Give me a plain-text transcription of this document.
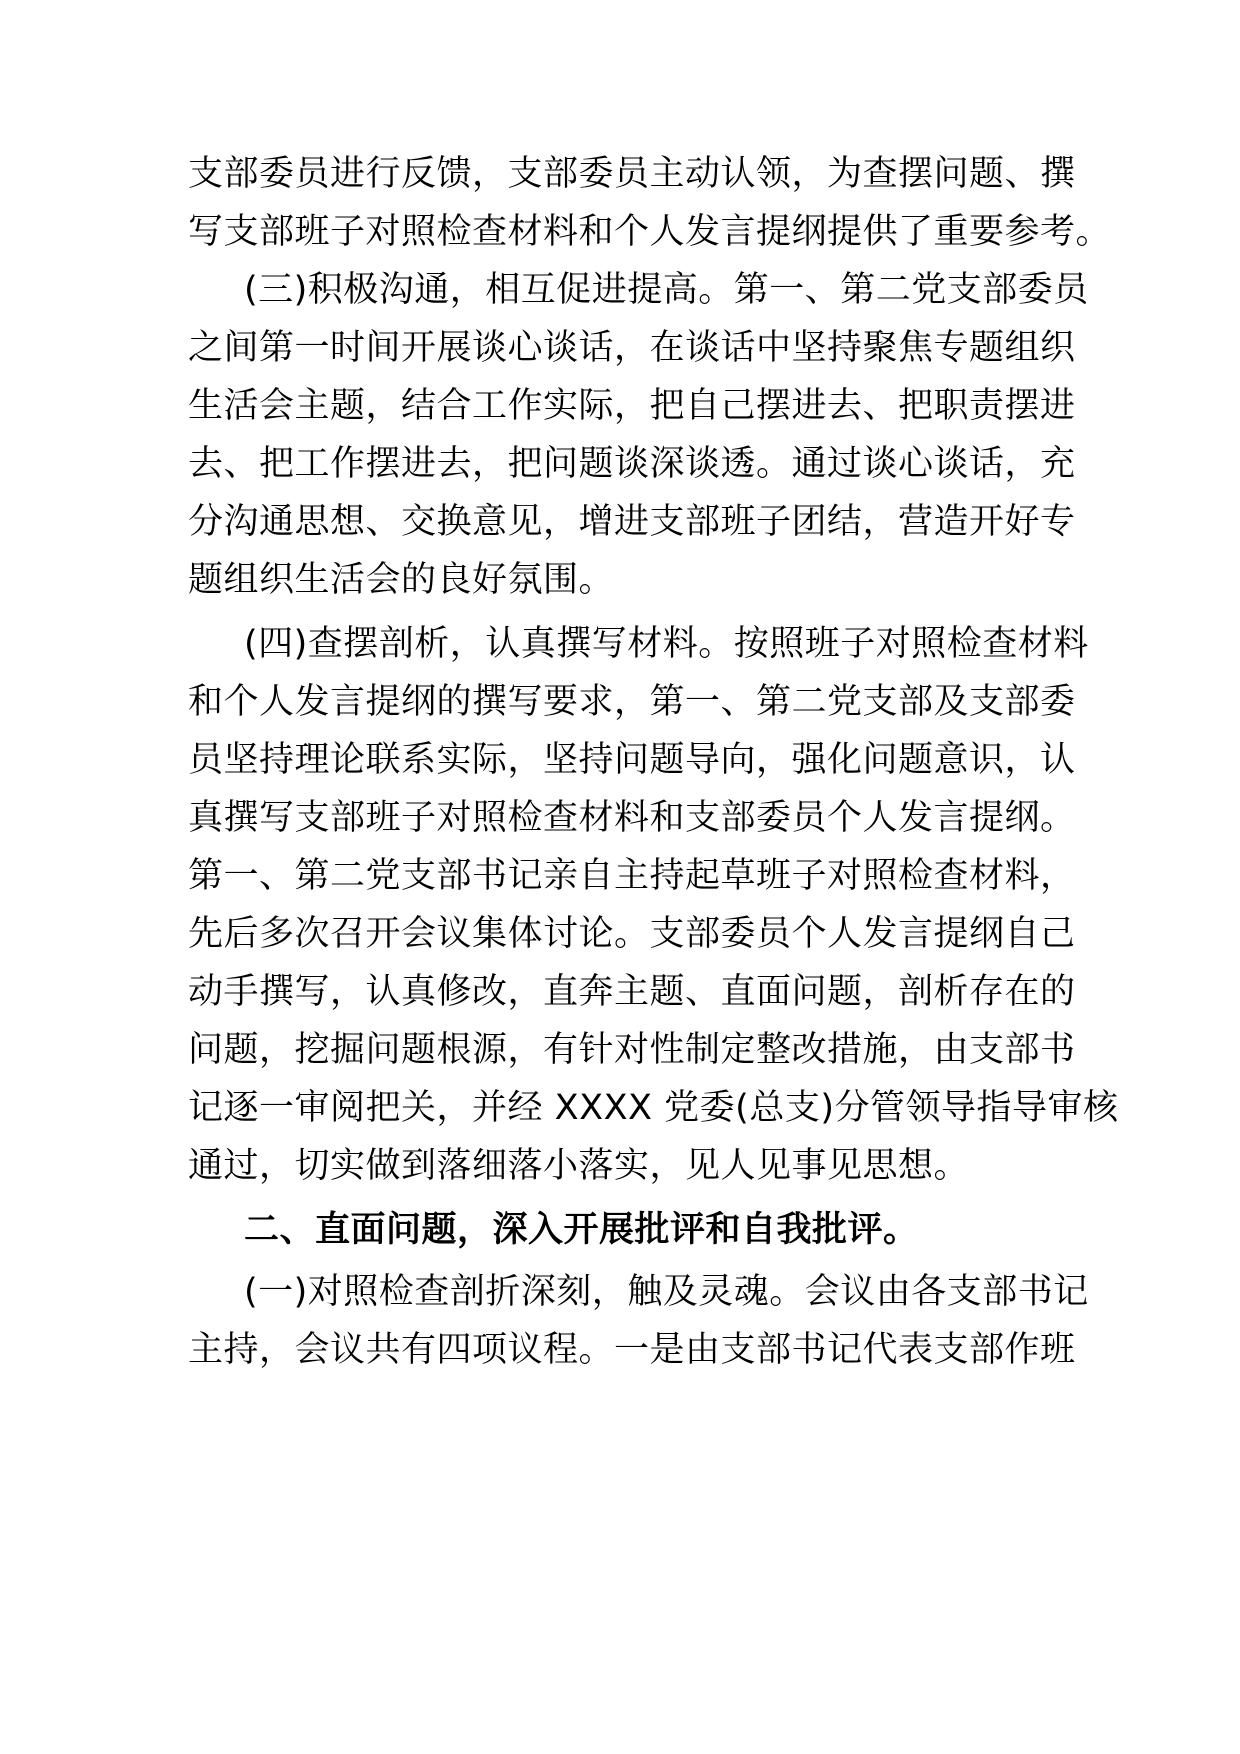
支部委员进行反馈，支部委员主动认领，为查摆问题、撰
写支部班子对照检查材料和个人发言提纲提供了重要参考。
(三)积极沟通，相互促进提高。第一、第二党支部委员
之间第一时间开展谈心谈话，在谈话中坚持聚焦专题组织
生活会主题，结合工作实际，把自己摆进去、把职责摆进
去、把工作摆进去，把问题谈深谈透。通过谈心谈话，充
分沟通思想、交换意见，增进支部班子团结，营造开好专
题组织生活会的良好氛围。
(四)查摆剖析，认真撰写材料。按照班子对照检查材料
和个人发言提纲的撰写要求，第一、第二党支部及支部委
员坚持理论联系实际，坚持问题导向，强化问题意识，认
真撰写支部班子对照检查材料和支部委员个人发言提纲。
第一、第二党支部书记亲自主持起草班子对照检查材料，
先后多次召开会议集体讨论。支部委员个人发言提纲自己
动手撰写，认真修改，直奔主题、直面问题，剖析存在的
问题，挖掘问题根源，有针对性制定整改措施，由支部书
记逐一审阅把关，并经 XXXX 党委(总支)分管领导指导审核
通过，切实做到落细落小落实，见人见事见思想。
二、直面问题，深入开展批评和自我批评。
(一)对照检查剖折深刻，触及灵魂。会议由各支部书记
主持，会议共有四项议程。一是由支部书记代表支部作班
